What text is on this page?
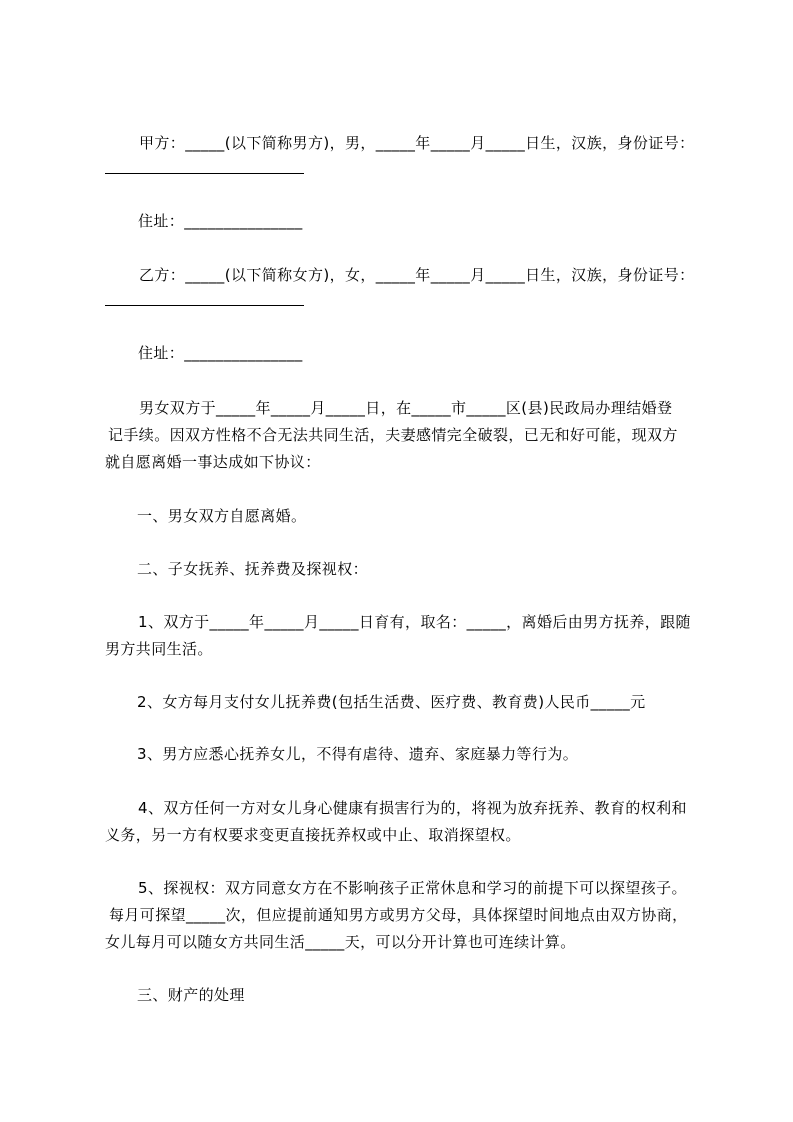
甲方：_____(以下简称男方)，男，_____年_____月_____日生，汉族，身份证号：
住址：_______________
乙方：_____(以下简称女方)，女，_____年_____月_____日生，汉族，身份证号：
住址：_______________
男女双方于_____年_____月_____日，在_____市_____区(县)民政局办理结婚登
记手续。因双方性格不合无法共同生活，夫妻感情完全破裂，已无和好可能，现双方
就自愿离婚一事达成如下协议：
一、男女双方自愿离婚。
二、子女抚养、抚养费及探视权：
1、双方于_____年_____月_____日育有，取名：_____，离婚后由男方抚养，跟随
男方共同生活。
2、女方每月支付女儿抚养费(包括生活费、医疗费、教育费)人民币_____元
3、男方应悉心抚养女儿，不得有虐待、遗弃、家庭暴力等行为。
4、双方任何一方对女儿身心健康有损害行为的，将视为放弃抚养、教育的权利和
义务，另一方有权要求变更直接抚养权或中止、取消探望权。
5、探视权：双方同意女方在不影响孩子正常休息和学习的前提下可以探望孩子。
每月可探望_____次，但应提前通知男方或男方父母，具体探望时间地点由双方协商，
女儿每月可以随女方共同生活_____天，可以分开计算也可连续计算。
三、财产的处理
